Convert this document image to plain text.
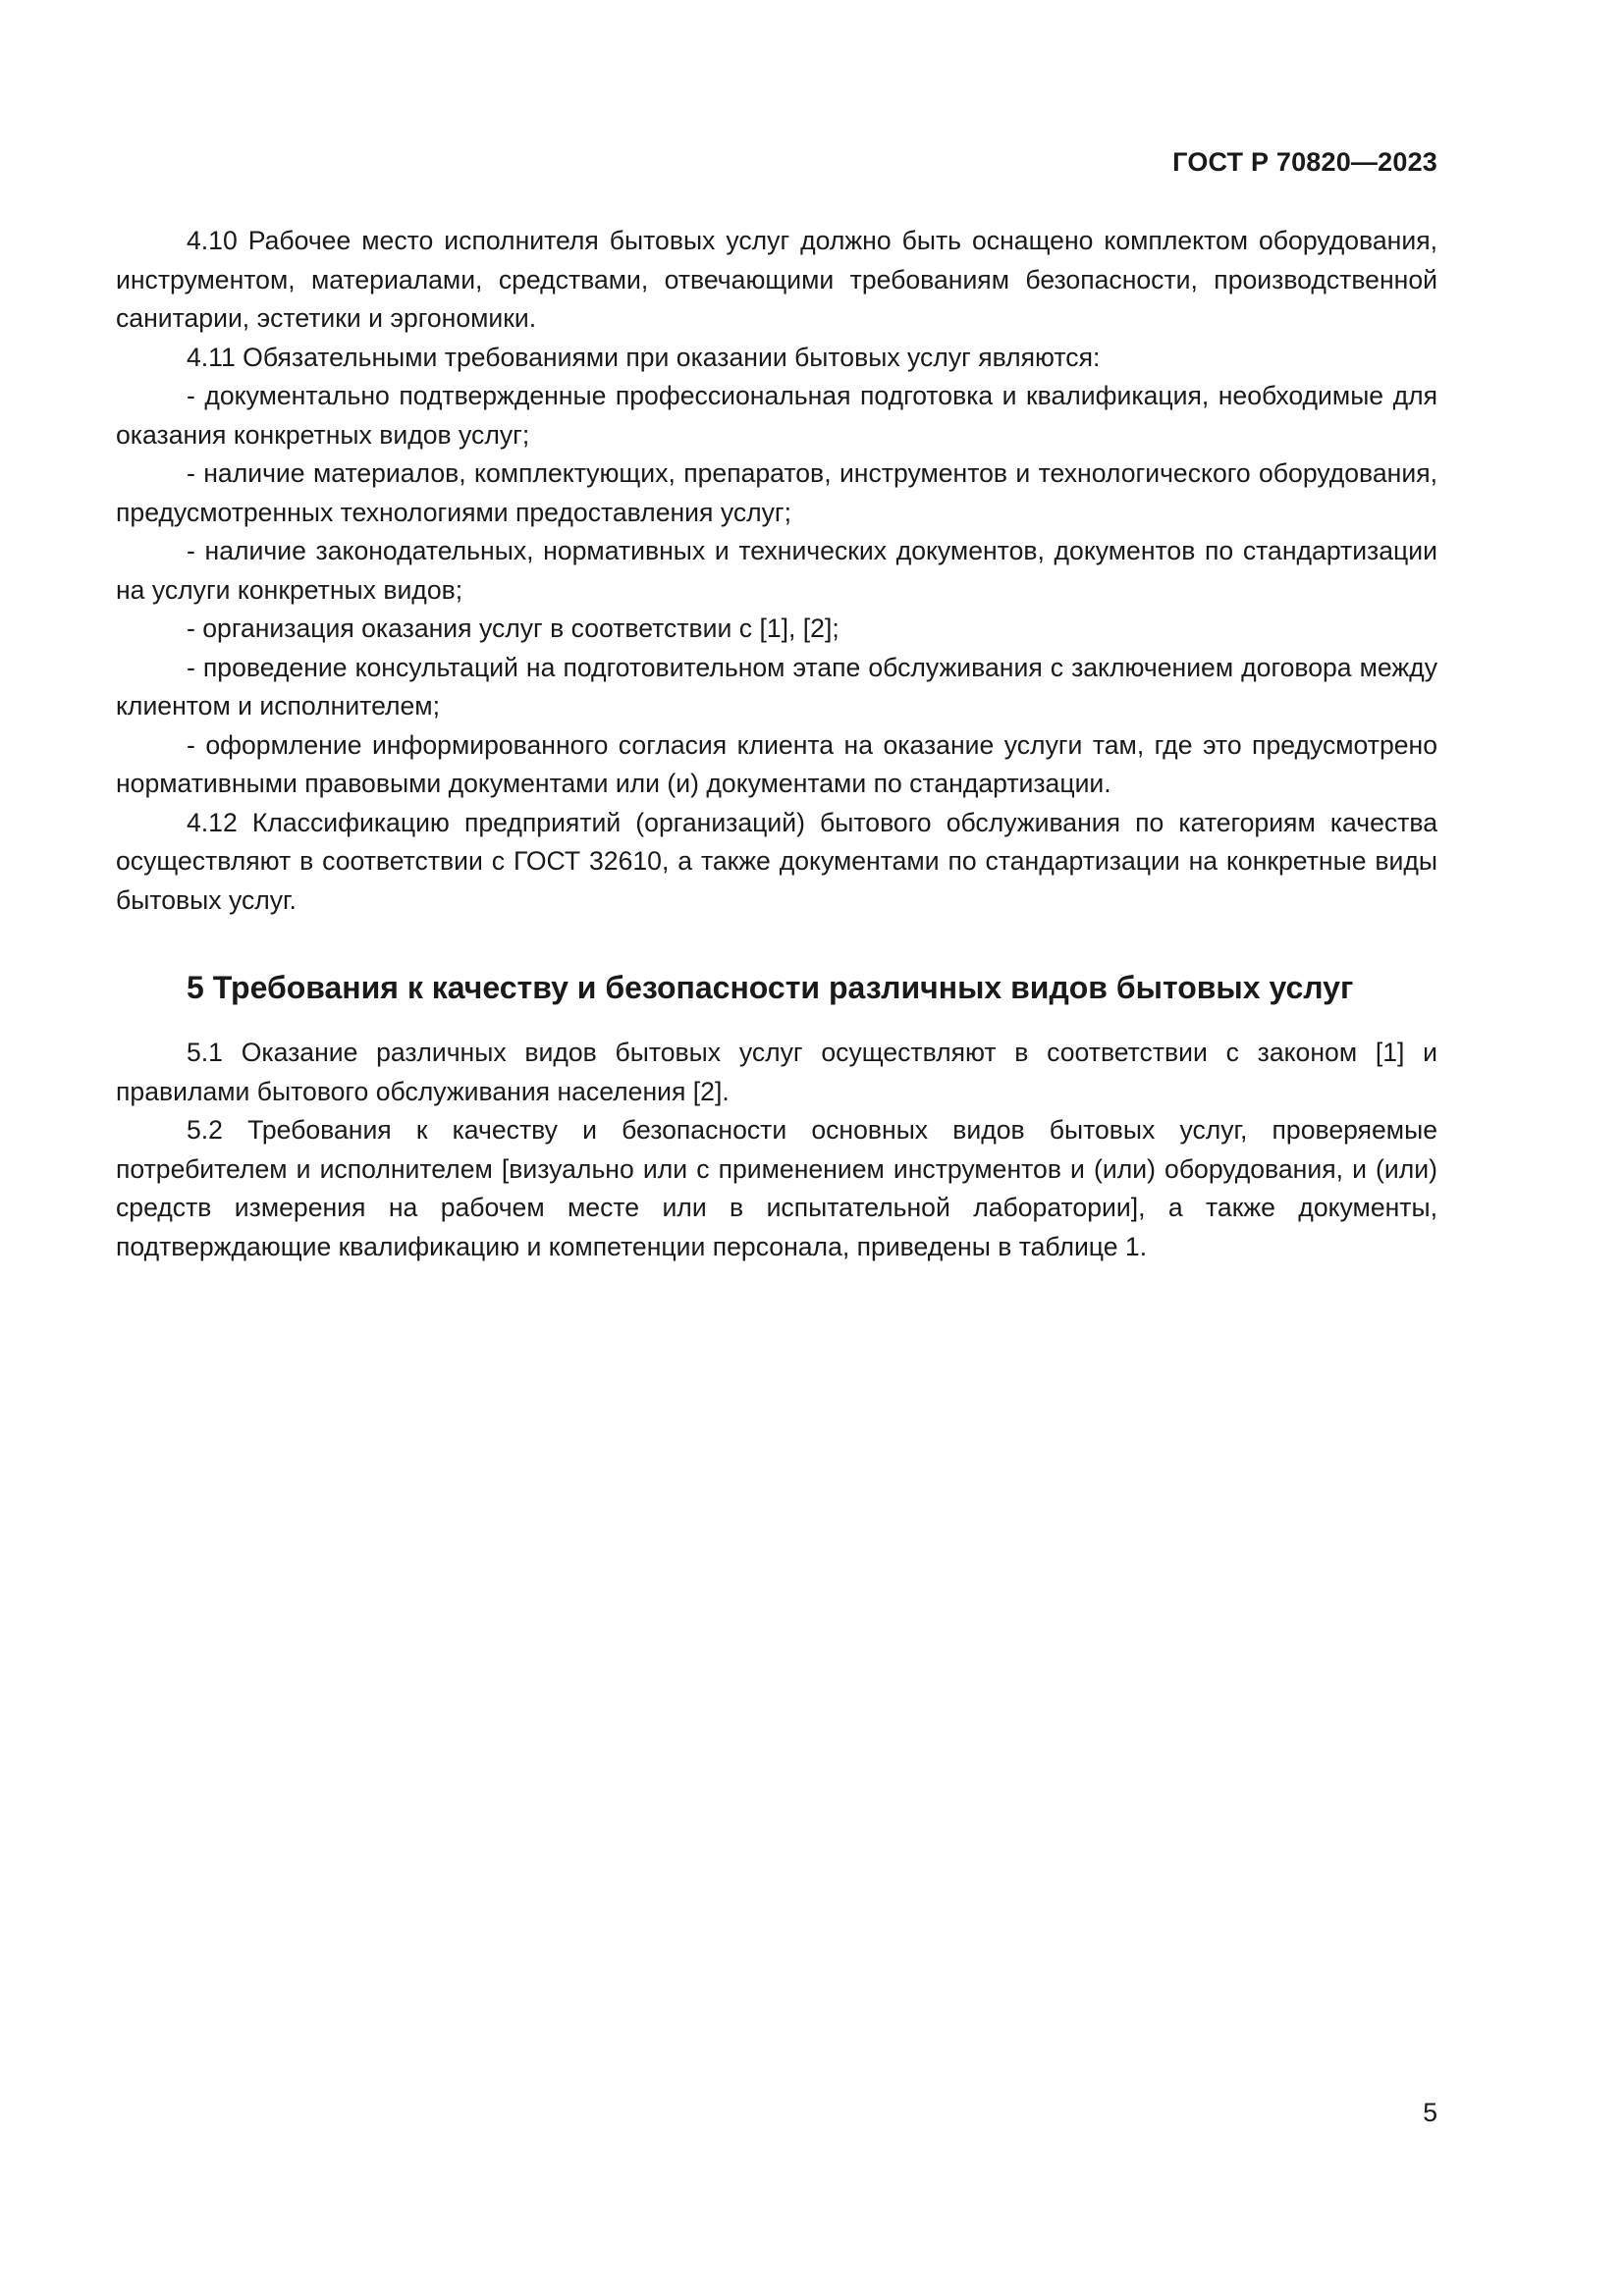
ГОСТ Р 70820—2023

4.10 Рабочее место исполнителя бытовых услуг должно быть оснащено комплектом оборудования, инструментом, материалами, средствами, отвечающими требованиям безопасности, производственной санитарии, эстетики и эргономики.

4.11 Обязательными требованиями при оказании бытовых услуг являются:

- документально подтвержденные профессиональная подготовка и квалификация, необходимые для оказания конкретных видов услуг;

- наличие материалов, комплектующих, препаратов, инструментов и технологического оборудования, предусмотренных технологиями предоставления услуг;

- наличие законодательных, нормативных и технических документов, документов по стандартизации на услуги конкретных видов;

- организация оказания услуг в соответствии с [1], [2];

- проведение консультаций на подготовительном этапе обслуживания с заключением договора между клиентом и исполнителем;

- оформление информированного согласия клиента на оказание услуги там, где это предусмотрено нормативными правовыми документами или (и) документами по стандартизации.

4.12 Классификацию предприятий (организаций) бытового обслуживания по категориям качества осуществляют в соответствии с ГОСТ 32610, а также документами по стандартизации на конкретные виды бытовых услуг.

5 Требования к качеству и безопасности различных видов бытовых услуг

5.1 Оказание различных видов бытовых услуг осуществляют в соответствии с законом [1] и правилами бытового обслуживания населения [2].

5.2 Требования к качеству и безопасности основных видов бытовых услуг, проверяемые потребителем и исполнителем [визуально или с применением инструментов и (или) оборудования, и (или) средств измерения на рабочем месте или в испытательной лаборатории], а также документы, подтверждающие квалификацию и компетенции персонала, приведены в таблице 1.

5
